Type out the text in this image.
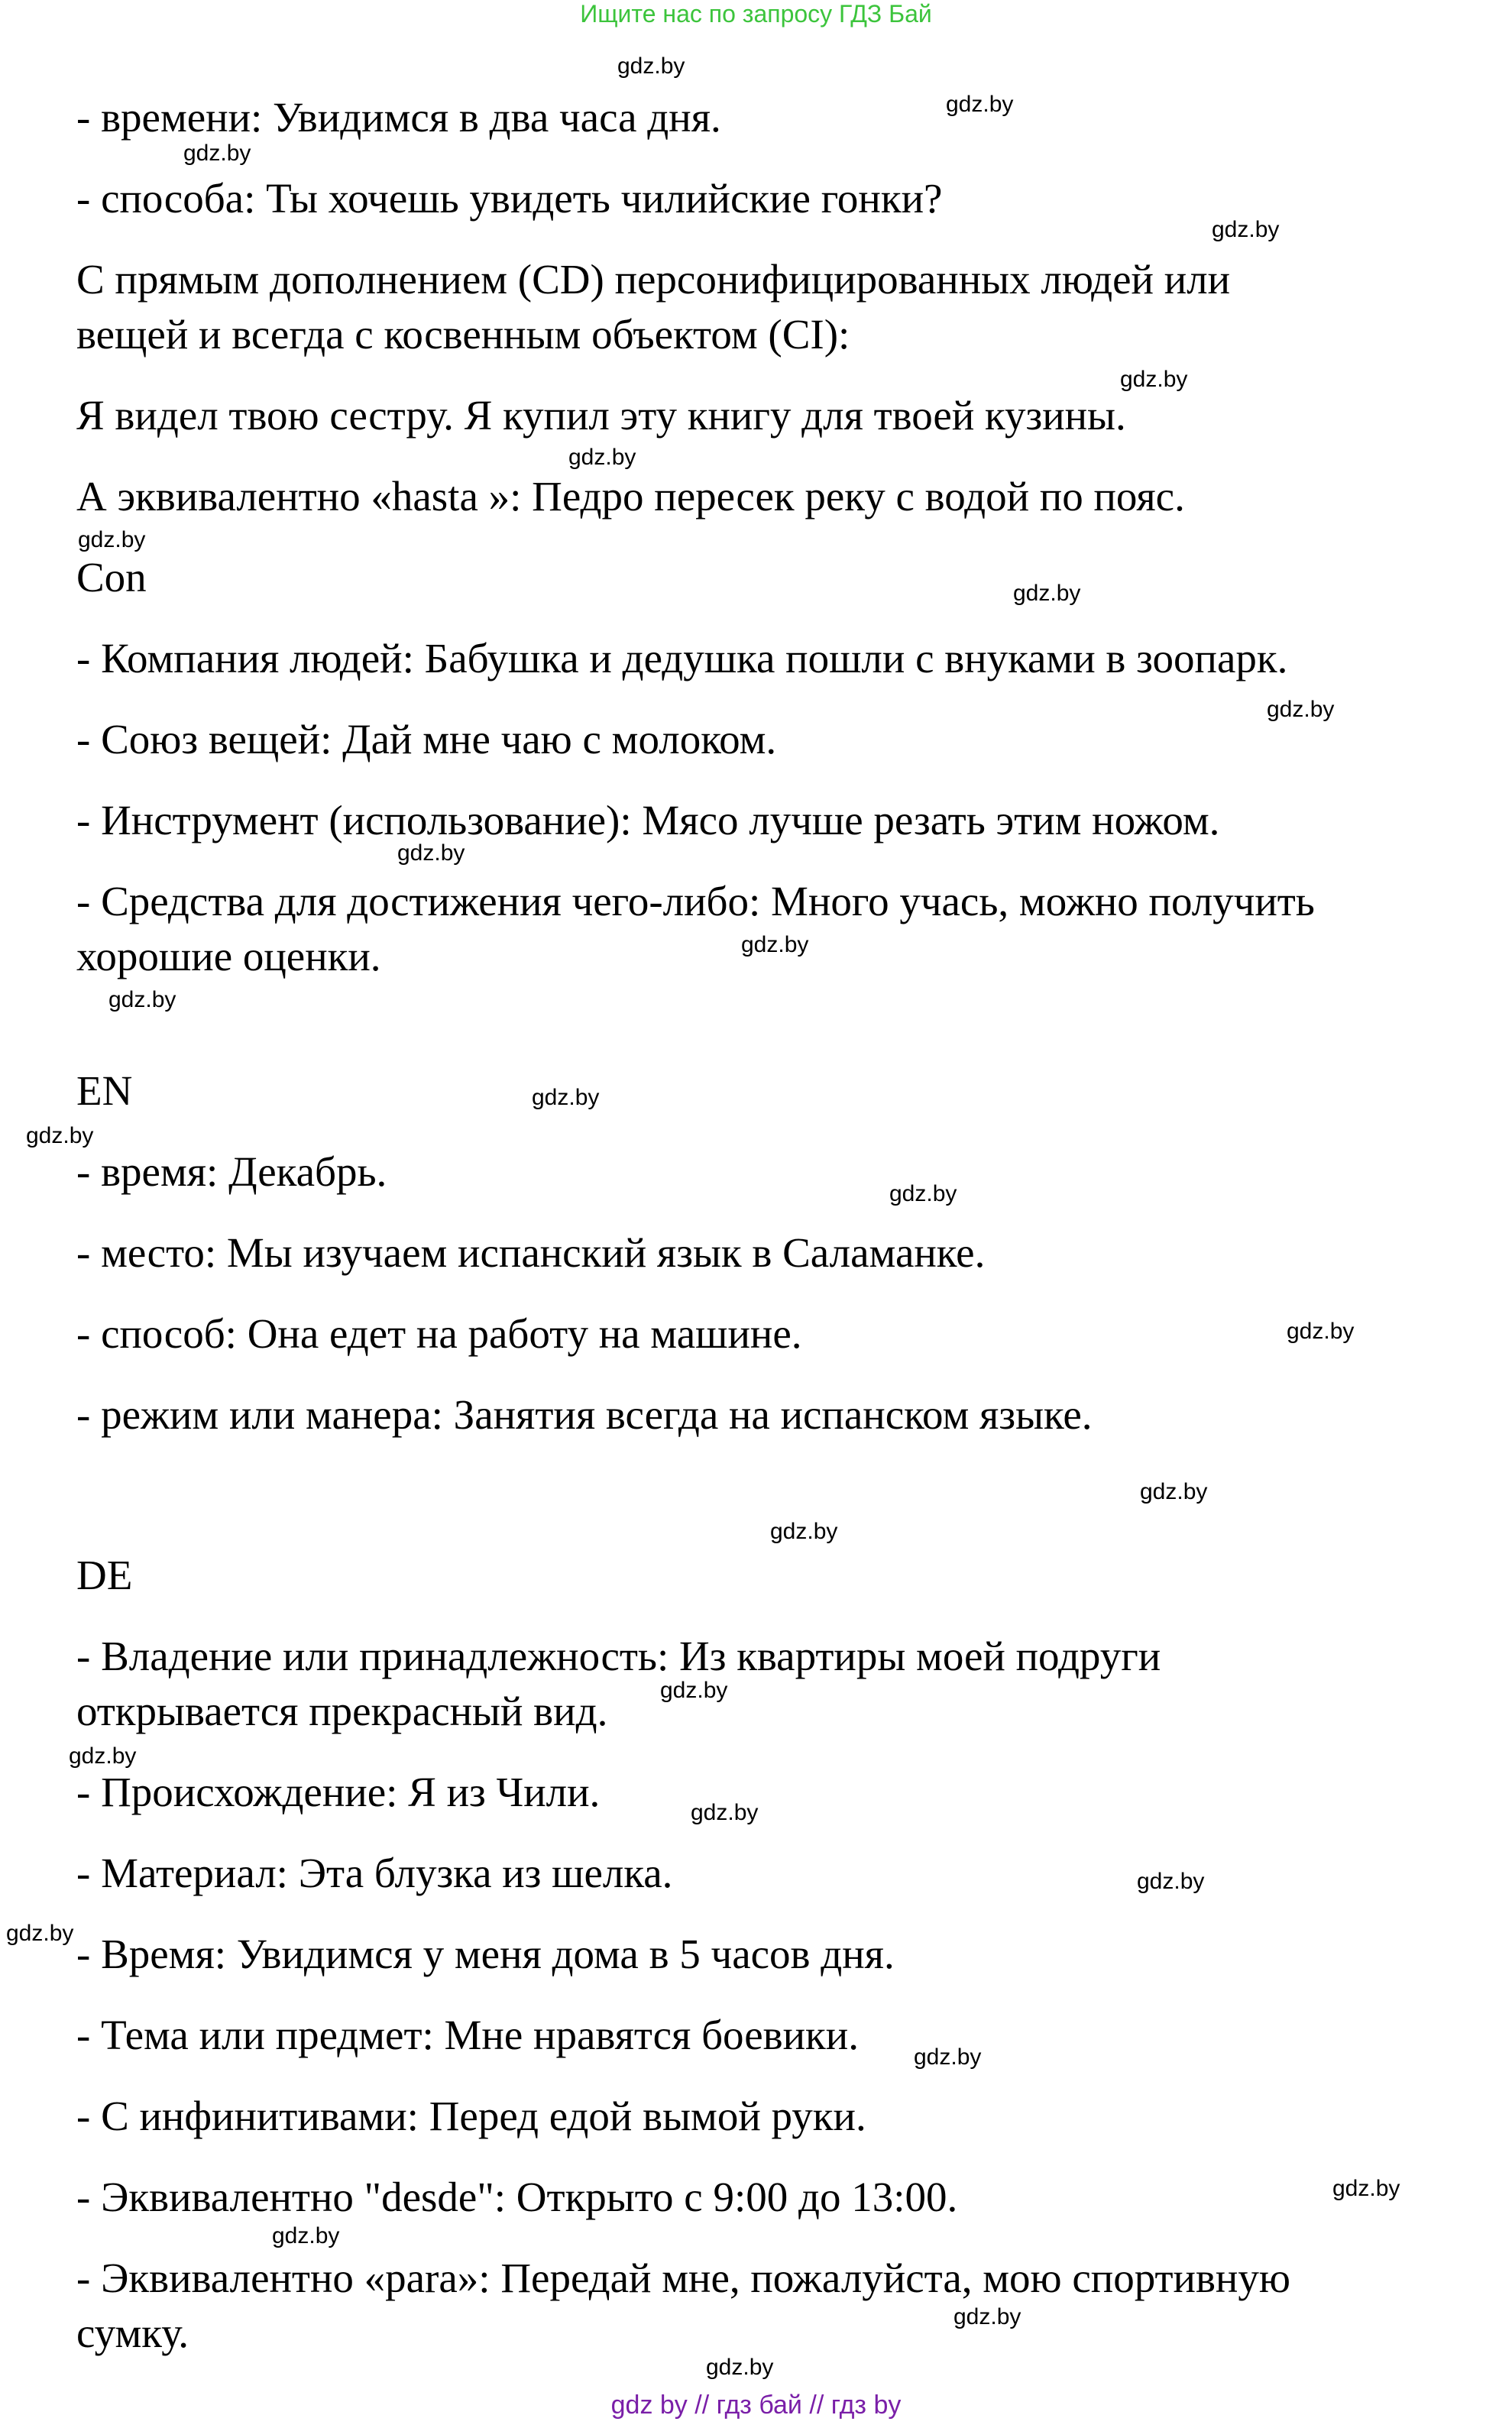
Ищите нас по запросу ГДЗ Бай
- времени: Увидимся в два часа дня.
- способа: Ты хочешь увидеть чилийские гонки?
С прямым дополнением (CD) персонифицированных людей или
вещей и всегда с косвенным объектом (CI):
Я видел твою сестру. Я купил эту книгу для твоей кузины.
А эквивалентно «hasta »: Педро пересек реку с водой по пояс.
Con
- Компания людей: Бабушка и дедушка пошли с внуками в зоопарк.
- Союз вещей: Дай мне чаю с молоком.
- Инструмент (использование): Мясо лучше резать этим ножом.
- Средства для достижения чего-либо: Много учась, можно получить
хорошие оценки.
EN
- время: Декабрь.
- место: Мы изучаем испанский язык в Саламанке.
- способ: Она едет на работу на машине.
- режим или манера: Занятия всегда на испанском языке.
DE
- Владение или принадлежность: Из квартиры моей подруги
открывается прекрасный вид.
- Происхождение: Я из Чили.
- Материал: Эта блузка из шелка.
- Время: Увидимся у меня дома в 5 часов дня.
- Тема или предмет: Мне нравятся боевики.
- С инфинитивами: Перед едой вымой руки.
- Эквивалентно "desde": Открыто с 9:00 до 13:00.
- Эквивалентно «para»: Передай мне, пожалуйста, мою спортивную
сумку.
gdz.by
gdz.by
gdz.by
gdz.by
gdz.by
gdz.by
gdz.by
gdz.by
gdz.by
gdz.by
gdz.by
gdz.by
gdz.by
gdz.by
gdz.by
gdz.by
gdz.by
gdz.by
gdz.by
gdz.by
gdz.by
gdz.by
gdz.by
gdz.by
gdz.by
gdz.by
gdz.by
gdz.by
gdz by // гдз бай // гдз by
